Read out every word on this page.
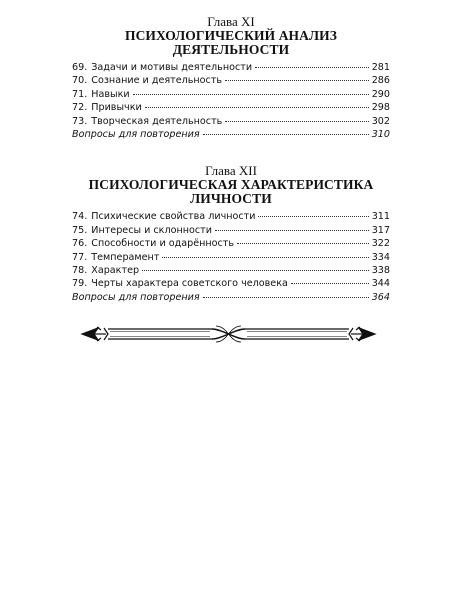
Глава XI
ПСИХОЛОГИЧЕСКИЙ АНАЛИЗ
ДЕЯТЕЛЬНОСТИ
69. Задачи и мотивы деятельности	281
70. Сознание и деятельность	286
71. Навыки	290
72. Привычки	298
73. Творческая деятельность	302
Вопросы для повторения	310
Глава XII
ПСИХОЛОГИЧЕСКАЯ ХАРАКТЕРИСТИКА
ЛИЧНОСТИ
74. Психические свойства личности	311
75. Интересы и склонности	317
76. Способности и одарённость	322
77. Темперамент	334
78. Характер	338
79. Черты характера советского человека	344
Вопросы для повторения	364
